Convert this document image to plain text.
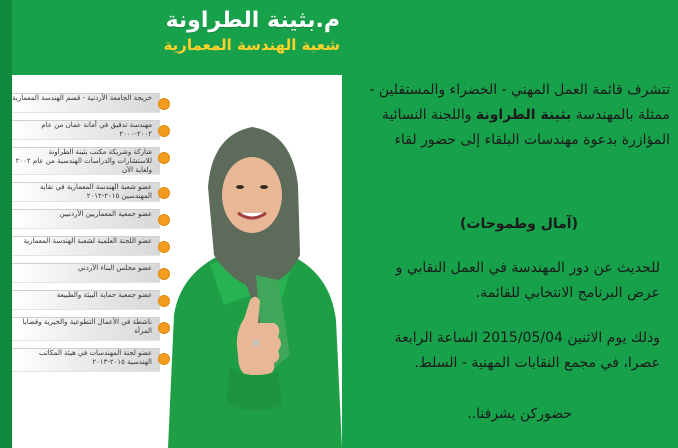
م.بثينة الطراونة
شعبة الهندسة المعمارية
خريجة الجامعة الأردنية - قسم الهندسة المعمارية
مهندسة تدقيق في أمانة عمان من عام ٢٠٠٢-٢٠٠٠
شاركة وشريكة مكتب بثينة الطراونة للاستشارات والدراسات الهندسية من عام ٢٠٠٢ ولغاية الآن
عضو شعبة الهندسة المعمارية في نقابة المهندسين ٢٠١٥-٢٠١٢
عضو جمعية المعماريين الأردنيين
عضو اللجنة العلمية لشعبة الهندسة المعمارية
عضو مجلس البناء الأردني
عضو جمعية حماية البيئة والطبيعة
ناشطة في الأعمال التطوعية والخيرية وقضايا المرأة
عضو لجنة المهندسات في هيئة المكاتب الهندسية ٢٠١٥-٢٠١٣

تتشرف قائمة العمل المهني - الخضراء والمستقلين - ممثلة بالمهندسة بثينة الطراونة واللجنة النسائية المؤازرة بدعوة مهندسات البلقاء إلى حضور لقاء

(آمال وطموحات)

للحديث عن دور المهندسة في العمل النقابي و عرض البرنامج الانتخابي للقائمة.

وذلك يوم الاثنين 2015/05/04 الساعة الرابعة عصرا، في مجمع النقابات المهنية - السلط.

حضوركن يشرفنا..
